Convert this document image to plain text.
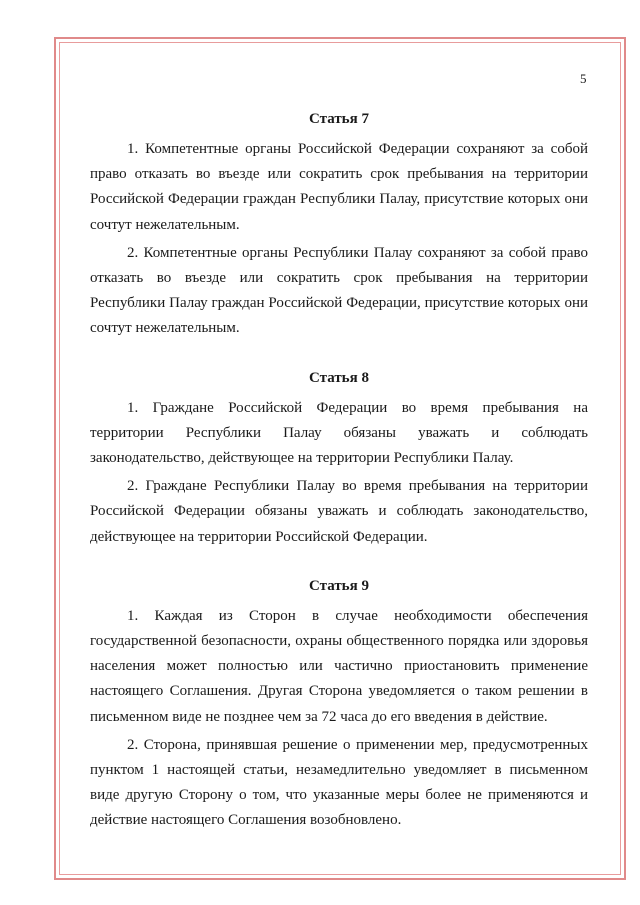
5
Статья 7

1. Компетентные органы Российской Федерации сохраняют за собой право отказать во въезде или сократить срок пребывания на территории Российской Федерации граждан Республики Палау, присутствие которых они сочтут нежелательным.

2. Компетентные органы Республики Палау сохраняют за собой право отказать во въезде или сократить срок пребывания на территории Республики Палау граждан Российской Федерации, присутствие которых они сочтут нежелательным.

Статья 8

1. Граждане Российской Федерации во время пребывания на территории Республики Палау обязаны уважать и соблюдать законодательство, действующее на территории Республики Палау.

2. Граждане Республики Палау во время пребывания на территории Российской Федерации обязаны уважать и соблюдать законодательство, действующее на территории Российской Федерации.

Статья 9

1. Каждая из Сторон в случае необходимости обеспечения государственной безопасности, охраны общественного порядка или здоровья населения может полностью или частично приостановить применение настоящего Соглашения. Другая Сторона уведомляется о таком решении в письменном виде не позднее чем за 72 часа до его введения в действие.

2. Сторона, принявшая решение о применении мер, предусмотренных пунктом 1 настоящей статьи, незамедлительно уведомляет в письменном виде другую Сторону о том, что указанные меры более не применяются и действие настоящего Соглашения возобновлено.
